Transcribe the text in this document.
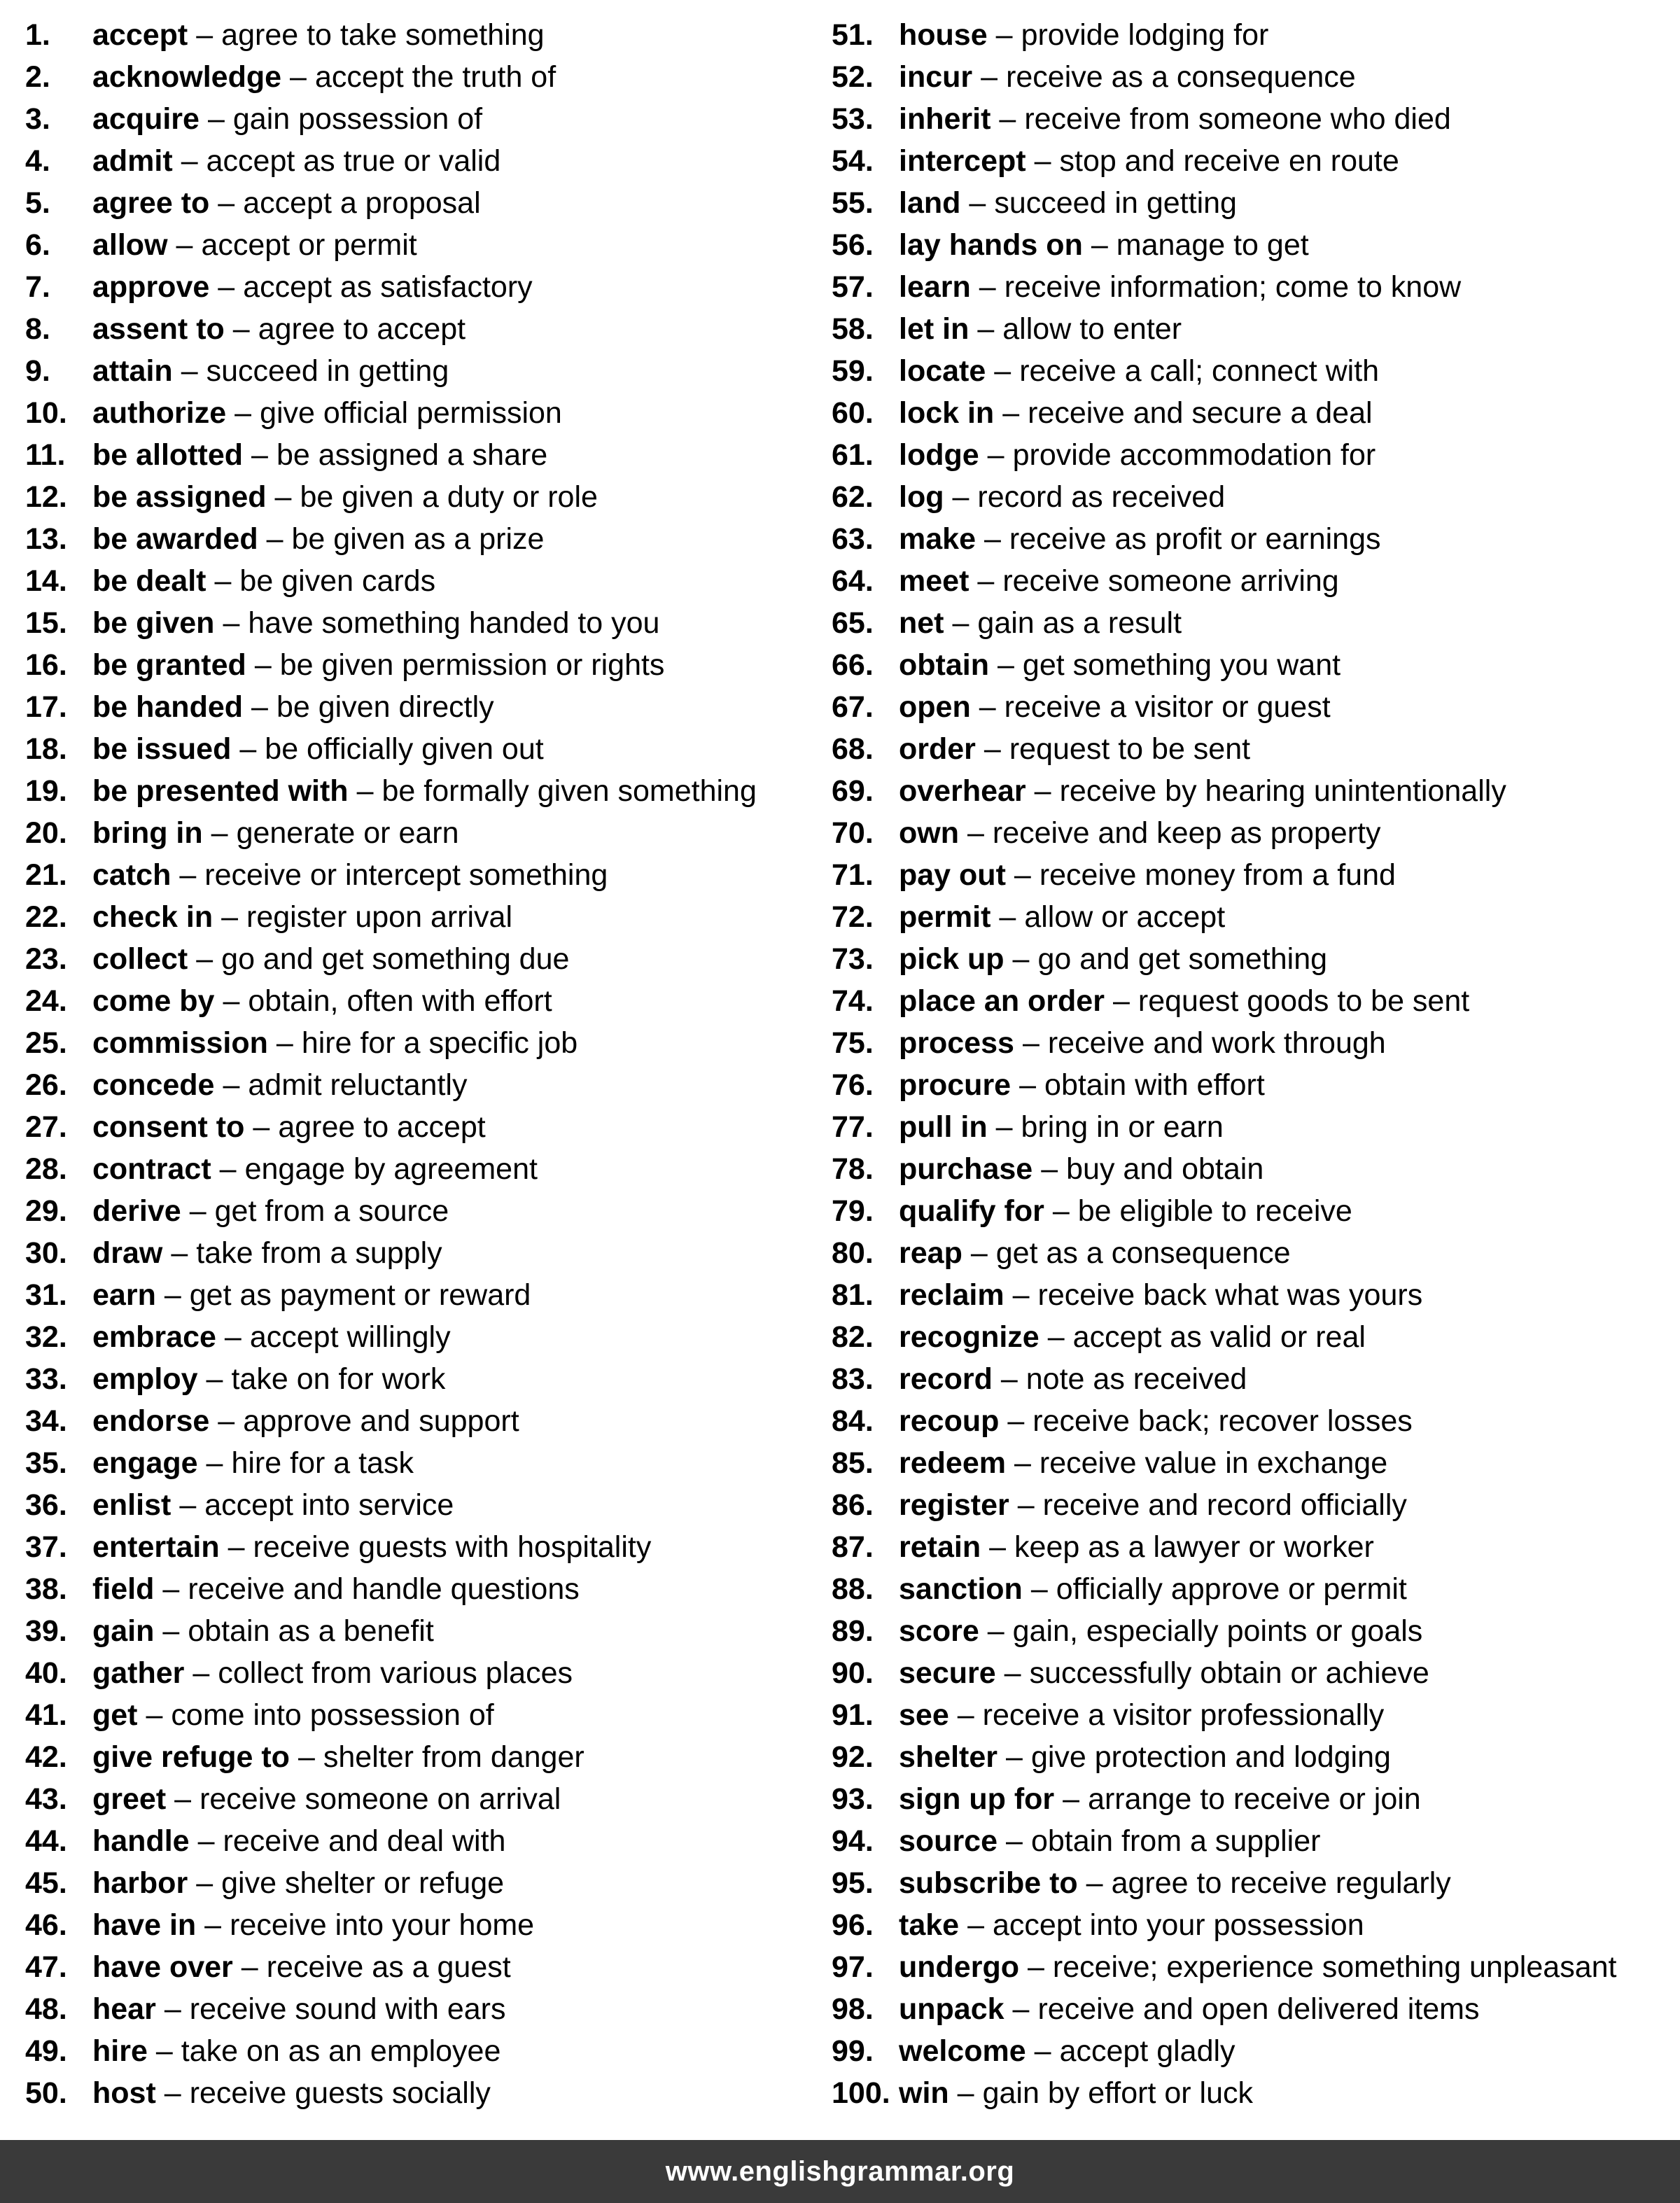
1.	accept – agree to take something
2.	acknowledge – accept the truth of
3.	acquire – gain possession of
4.	admit – accept as true or valid
5.	agree to – accept a proposal
6.	allow – accept or permit
7.	approve – accept as satisfactory
8.	assent to – agree to accept
9.	attain – succeed in getting
10. authorize – give official permission
11. be allotted – be assigned a share
12. be assigned – be given a duty or role
13. be awarded – be given as a prize
14. be dealt – be given cards
15. be given – have something handed to you
16. be granted – be given permission or rights
17. be handed – be given directly
18. be issued – be officially given out
19. be presented with – be formally given something
20. bring in – generate or earn
21. catch – receive or intercept something
22. check in – register upon arrival
23. collect – go and get something due
24. come by – obtain, often with effort
25. commission – hire for a specific job
26. concede – admit reluctantly
27. consent to – agree to accept
28. contract – engage by agreement
29. derive – get from a source
30. draw – take from a supply
31. earn – get as payment or reward
32. embrace – accept willingly
33. employ – take on for work
34. endorse – approve and support
35. engage – hire for a task
36. enlist – accept into service
37. entertain – receive guests with hospitality
38. field – receive and handle questions
39. gain – obtain as a benefit
40. gather – collect from various places
41. get – come into possession of
42. give refuge to – shelter from danger
43. greet – receive someone on arrival
44. handle – receive and deal with
45. harbor – give shelter or refuge
46. have in – receive into your home
47. have over – receive as a guest
48. hear – receive sound with ears
49. hire – take on as an employee
50. host – receive guests socially
51. house – provide lodging for
52. incur – receive as a consequence
53. inherit – receive from someone who died
54. intercept – stop and receive en route
55. land – succeed in getting
56. lay hands on – manage to get
57. learn – receive information; come to know
58. let in – allow to enter
59. locate – receive a call; connect with
60. lock in – receive and secure a deal
61. lodge – provide accommodation for
62. log – record as received
63. make – receive as profit or earnings
64. meet – receive someone arriving
65. net – gain as a result
66. obtain – get something you want
67. open – receive a visitor or guest
68. order – request to be sent
69. overhear – receive by hearing unintentionally
70. own – receive and keep as property
71. pay out – receive money from a fund
72. permit – allow or accept
73. pick up – go and get something
74. place an order – request goods to be sent
75. process – receive and work through
76. procure – obtain with effort
77. pull in – bring in or earn
78. purchase – buy and obtain
79. qualify for – be eligible to receive
80. reap – get as a consequence
81. reclaim – receive back what was yours
82. recognize – accept as valid or real
83. record – note as received
84. recoup – receive back; recover losses
85. redeem – receive value in exchange
86. register – receive and record officially
87. retain – keep as a lawyer or worker
88. sanction – officially approve or permit
89. score – gain, especially points or goals
90. secure – successfully obtain or achieve
91. see – receive a visitor professionally
92. shelter – give protection and lodging
93. sign up for – arrange to receive or join
94. source – obtain from a supplier
95. subscribe to – agree to receive regularly
96. take – accept into your possession
97. undergo – receive; experience something unpleasant
98. unpack – receive and open delivered items
99. welcome – accept gladly
100. win – gain by effort or luck
www.englishgrammar.org
